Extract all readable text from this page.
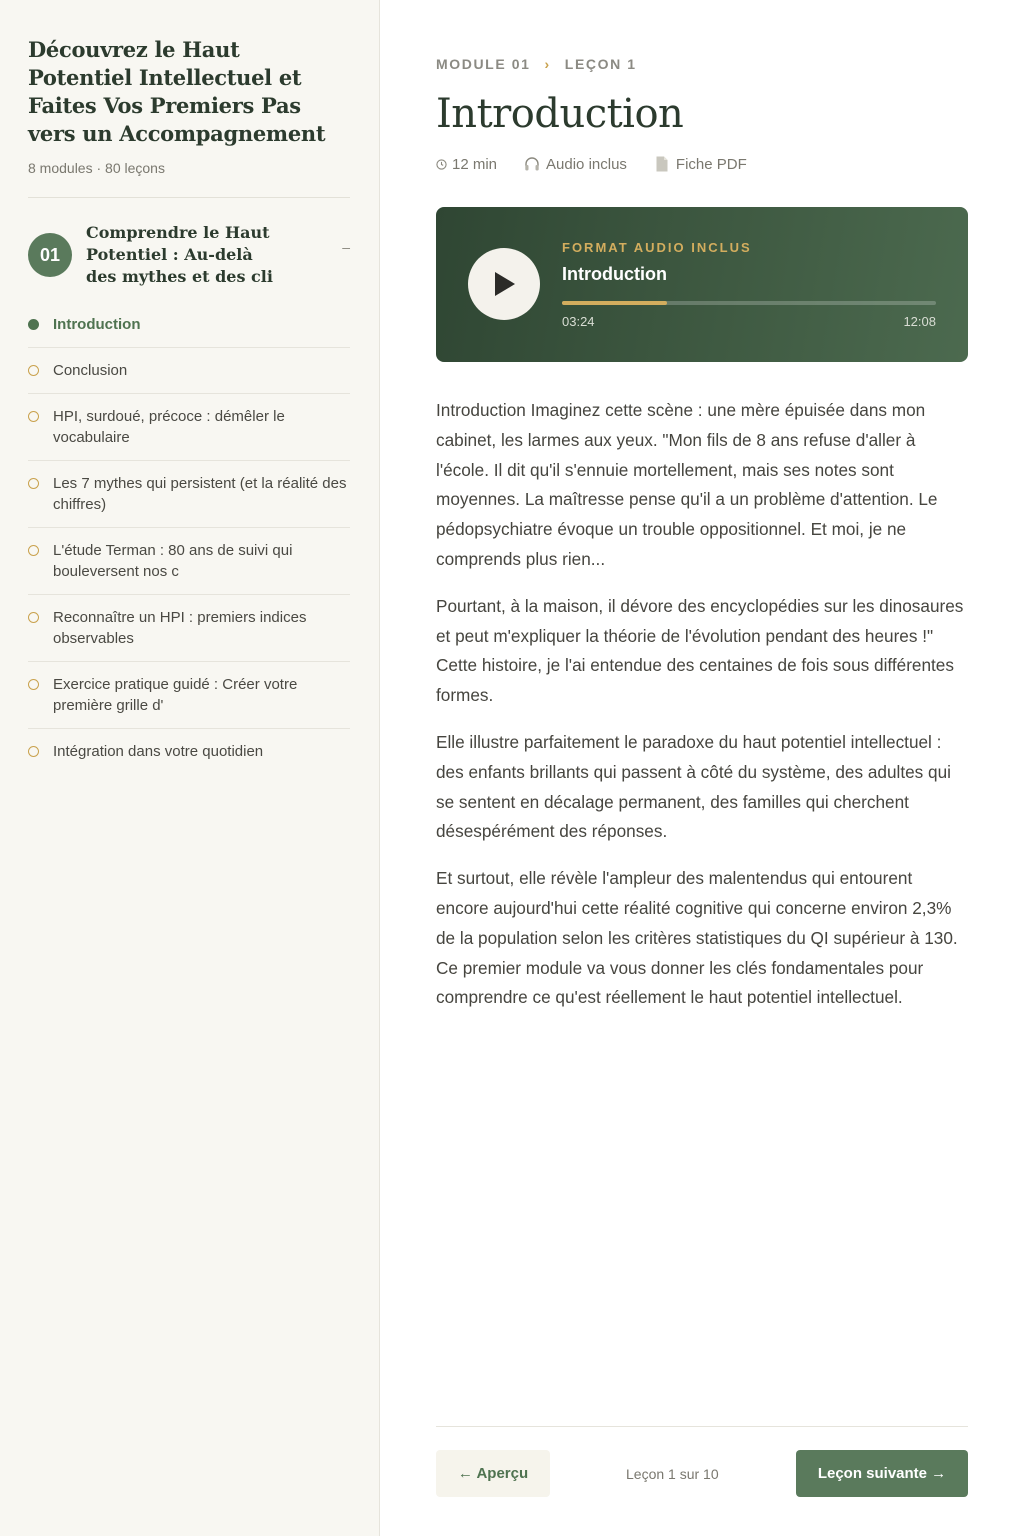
Découvrez le Haut Potentiel Intellectuel et Faites Vos Premiers Pas vers un Accompagnement
8 modules · 80 leçons
01
Comprendre le Haut Potentiel : Au-delà des mythes et des cli
–
Introduction
Conclusion
HPI, surdoué, précoce : démêler le vocabulaire
Les 7 mythes qui persistent (et la réalité des chiffres)
L'étude Terman : 80 ans de suivi qui bouleversent nos c
Reconnaître un HPI : premiers indices observables
Exercice pratique guidé : Créer votre première grille d'
Intégration dans votre quotidien
MODULE 01 › LEÇON 1
Introduction
12 min	Audio inclus	Fiche PDF
FORMAT AUDIO INCLUS
Introduction
03:24	12:08

Introduction Imaginez cette scène : une mère épuisée dans mon cabinet, les larmes aux yeux. "Mon fils de 8 ans refuse d'aller à l'école. Il dit qu'il s'ennuie mortellement, mais ses notes sont moyennes. La maîtresse pense qu'il a un problème d'attention. Le pédopsychiatre évoque un trouble oppositionnel. Et moi, je ne comprends plus rien...

Pourtant, à la maison, il dévore des encyclopédies sur les dinosaures et peut m'expliquer la théorie de l'évolution pendant des heures !" Cette histoire, je l'ai entendue des centaines de fois sous différentes formes.

Elle illustre parfaitement le paradoxe du haut potentiel intellectuel : des enfants brillants qui passent à côté du système, des adultes qui se sentent en décalage permanent, des familles qui cherchent désespérément des réponses.

Et surtout, elle révèle l'ampleur des malentendus qui entourent encore aujourd'hui cette réalité cognitive qui concerne environ 2,3% de la population selon les critères statistiques du QI supérieur à 130. Ce premier module va vous donner les clés fondamentales pour comprendre ce qu'est réellement le haut potentiel intellectuel.

← Aperçu	Leçon 1 sur 10	Leçon suivante →
